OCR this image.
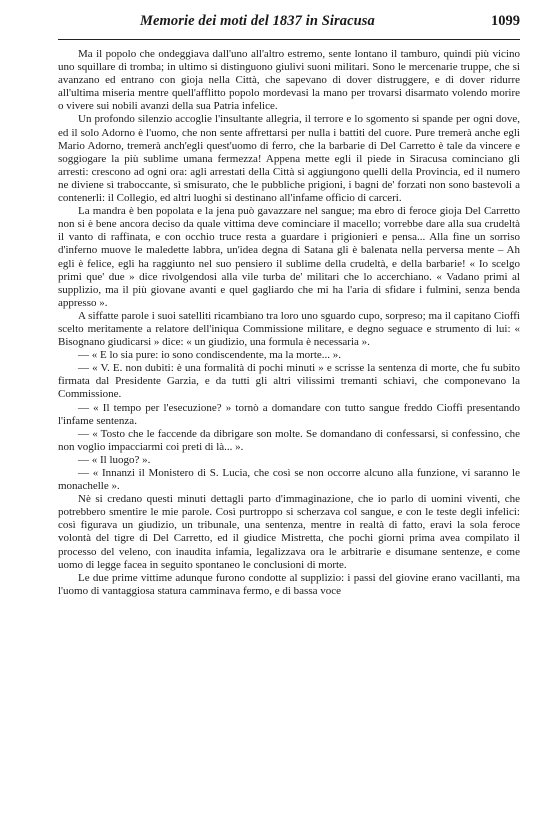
Memorie dei moti del 1837 in Siracusa	1099

Ma il popolo che ondeggiava dall'uno all'altro estremo, sente lontano il tamburo, quindi più vicino uno squillare di tromba; in ultimo si distinguono giulivi suoni militari. Sono le mercenarie truppe, che si avanzano ed entrano con gioja nella Città, che sapevano di dover distruggere, e di dover ridurre all'ultima miseria mentre quell'afflitto popolo mordevasi la mano per trovarsi disarmato volendo morire o vivere sui nobili avanzi della sua Patria infelice.

Un profondo silenzio accoglie l'insultante allegria, il terrore e lo sgomento si spande per ogni dove, ed il solo Adorno è l'uomo, che non sente affrettarsi per nulla i battiti del cuore. Pure tremerà anche egli Mario Adorno, tremerà anch'egli quest'uomo di ferro, che la barbarie di Del Carretto è tale da vincere e soggiogare la più sublime umana fermezza! Appena mette egli il piede in Siracusa cominciano gli arresti: crescono ad ogni ora: agli arrestati della Città si aggiungono quelli della Provincia, ed il numero ne diviene sì traboccante, sì smisurato, che le pubbliche prigioni, i bagni de' forzati non sono bastevoli a contenerli: il Collegio, ed altri luoghi si destinano all'infame officio di carceri.

La mandra è ben popolata e la jena può gavazzare nel sangue; ma ebro di feroce gioja Del Carretto non si è bene ancora deciso da quale vittima deve cominciare il macello; vorrebbe dare alla sua crudeltà il vanto di raffinata, e con occhio truce resta a guardare i prigionieri e pensa... Alla fine un sorriso d'inferno muove le maledette labbra, un'idea degna di Satana gli è balenata nella perversa mente – Ah egli è felice, egli ha raggiunto nel suo pensiero il sublime della crudeltà, e della barbarie! « Io scelgo primi que' due » dice rivolgendosi alla vile turba de' militari che lo accerchiano. « Vadano primi al supplizio, ma il più giovane avanti e quel gagliardo che mi ha l'aria di sfidare i fulmini, senza benda appresso ».

A siffatte parole i suoi satelliti ricambiano tra loro uno sguardo cupo, sorpreso; ma il capitano Cioffi scelto meritamente a relatore dell'iniqua Commissione militare, e degno seguace e strumento di lui: « Bisognano giudicarsi » dice: « un giudizio, una formula è necessaria ».

— « E lo sia pure: io sono condiscendente, ma la morte... ».

— « V. E. non dubiti: è una formalità di pochi minuti » e scrisse la sentenza di morte, che fu subito firmata dal Presidente Garzia, e da tutti gli altri vilissimi tremanti schiavi, che componevano la Commissione.

— « Il tempo per l'esecuzione? » tornò a domandare con tutto sangue freddo Cioffi presentando l'infame sentenza.

— « Tosto che le faccende da dibrigare son molte. Se domandano di confessarsi, si confessino, che non voglio impacciarmi coi preti di là... ».

— « Il luogo? ».

— « Innanzi il Monistero di S. Lucia, che così se non occorre alcuno alla funzione, vi saranno le monachelle ».

Nè si credano questi minuti dettagli parto d'immaginazione, che io parlo di uomini viventi, che potrebbero smentire le mie parole. Così purtroppo si scherzava col sangue, e con le teste degli infelici: così figurava un giudizio, un tribunale, una sentenza, mentre in realtà di fatto, eravi la sola feroce volontà del tigre di Del Carretto, ed il giudice Mistretta, che pochi giorni prima avea compilato il processo del veleno, con inaudita infamia, legalizzava ora le arbitrarie e disumane sentenze, e come uomo di legge facea in seguito spontaneo le conclusioni di morte.

Le due prime vittime adunque furono condotte al supplizio: i passi del giovine erano vacillanti, ma l'uomo di vantaggiosa statura camminava fermo, e di bassa voce
